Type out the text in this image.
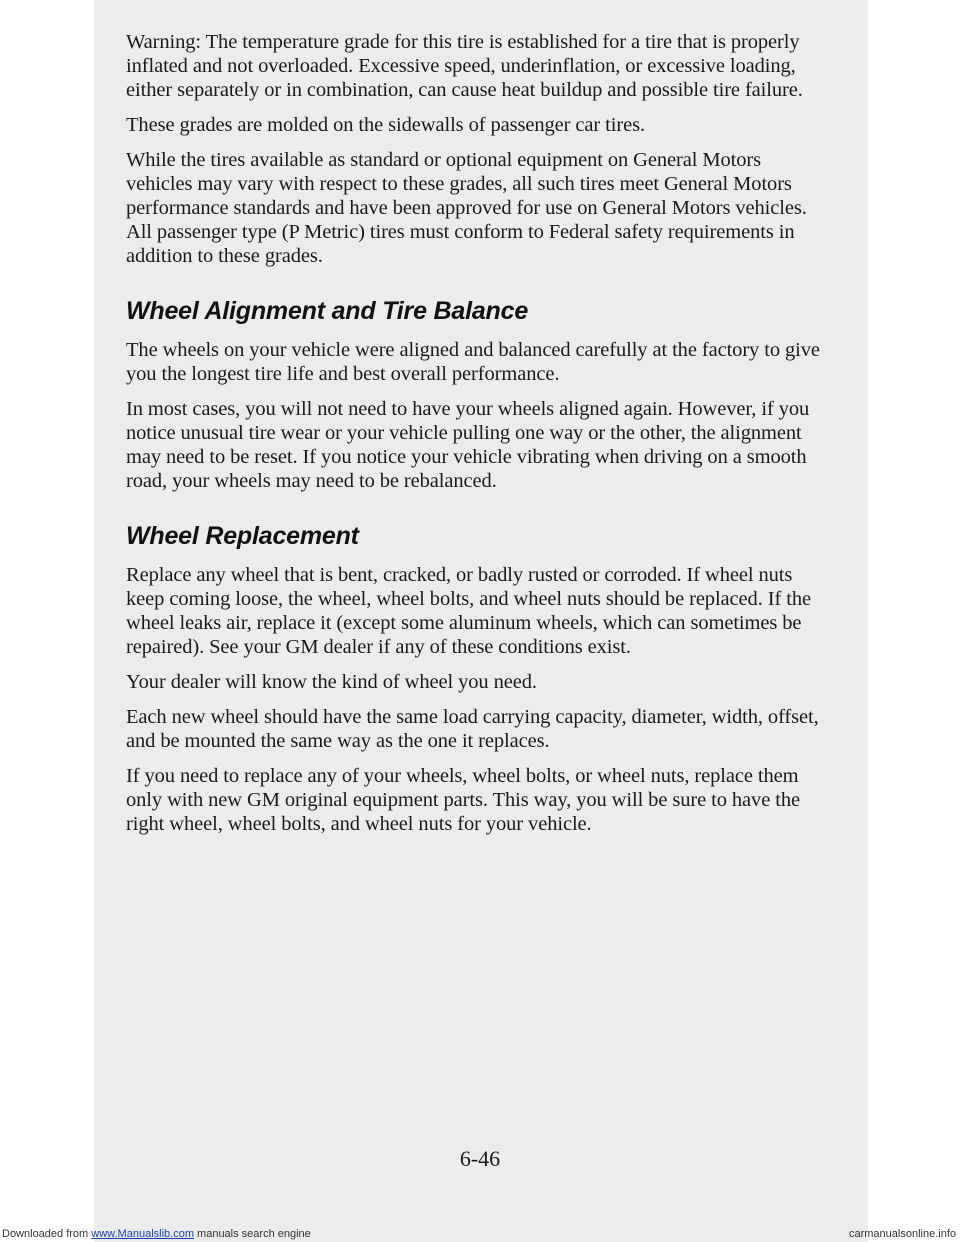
Warning: The temperature grade for this tire is established for a tire that is properly inflated and not overloaded. Excessive speed, underinflation, or excessive loading, either separately or in combination, can cause heat buildup and possible tire failure.

These grades are molded on the sidewalls of passenger car tires.

While the tires available as standard or optional equipment on General Motors vehicles may vary with respect to these grades, all such tires meet General Motors performance standards and have been approved for use on General Motors vehicles. All passenger type (P Metric) tires must conform to Federal safety requirements in addition to these grades.

Wheel Alignment and Tire Balance

The wheels on your vehicle were aligned and balanced carefully at the factory to give you the longest tire life and best overall performance.

In most cases, you will not need to have your wheels aligned again. However, if you notice unusual tire wear or your vehicle pulling one way or the other, the alignment may need to be reset. If you notice your vehicle vibrating when driving on a smooth road, your wheels may need to be rebalanced.

Wheel Replacement

Replace any wheel that is bent, cracked, or badly rusted or corroded. If wheel nuts keep coming loose, the wheel, wheel bolts, and wheel nuts should be replaced. If the wheel leaks air, replace it (except some aluminum wheels, which can sometimes be repaired). See your GM dealer if any of these conditions exist.

Your dealer will know the kind of wheel you need.

Each new wheel should have the same load carrying capacity, diameter, width, offset, and be mounted the same way as the one it replaces.

If you need to replace any of your wheels, wheel bolts, or wheel nuts, replace them only with new GM original equipment parts. This way, you will be sure to have the right wheel, wheel bolts, and wheel nuts for your vehicle.

6-46
Downloaded from www.Manualslib.com manuals search engine	carmanualsonline.info
